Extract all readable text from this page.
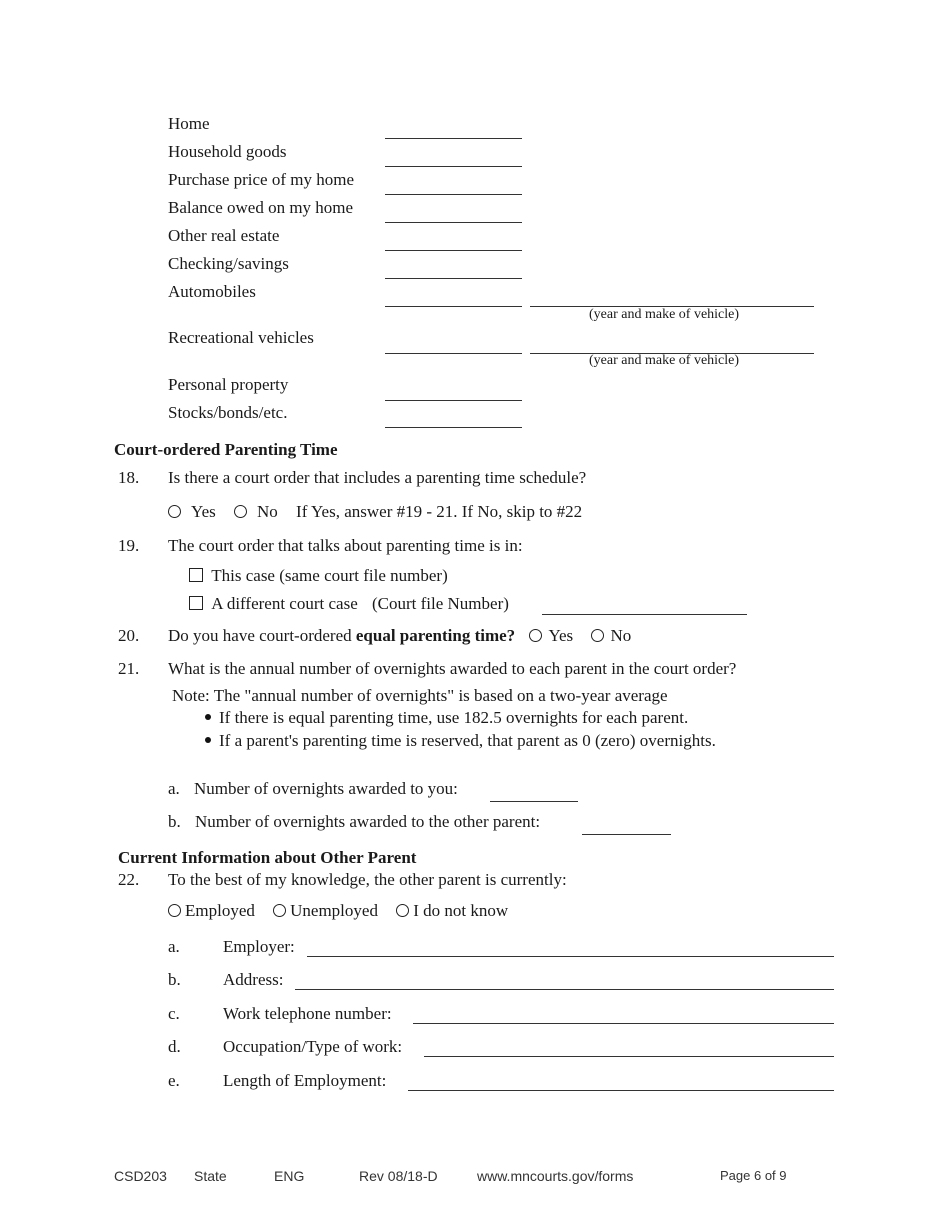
Home
Household goods
Purchase price of my home
Balance owed on my home
Other real estate
Checking/savings
Automobiles
(year and make of vehicle)
Recreational vehicles
(year and make of vehicle)
Personal property
Stocks/bonds/etc.
Court-ordered Parenting Time
18. Is there a court order that includes a parenting time schedule?
Yes No If Yes, answer #19 - 21. If No, skip to #22
19. The court order that talks about parenting time is in:
This case (same court file number)
A different court case (Court file Number)
20. Do you have court-ordered equal parenting time? Yes No
21. What is the annual number of overnights awarded to each parent in the court order?
Note: The "annual number of overnights" is based on a two-year average
If there is equal parenting time, use 182.5 overnights for each parent.
If a parent's parenting time is reserved, that parent as 0 (zero) overnights.
a. Number of overnights awarded to you:
b. Number of overnights awarded to the other parent:
Current Information about Other Parent
22. To the best of my knowledge, the other parent is currently:
Employed Unemployed I do not know
a.	Employer:
b. Address:
c.	Work telephone number:
d. Occupation/Type of work:
e.	Length of Employment:
CSD203 State	ENG	Rev 08/18-D	www.mncourts.gov/forms	Page 6 of 9
